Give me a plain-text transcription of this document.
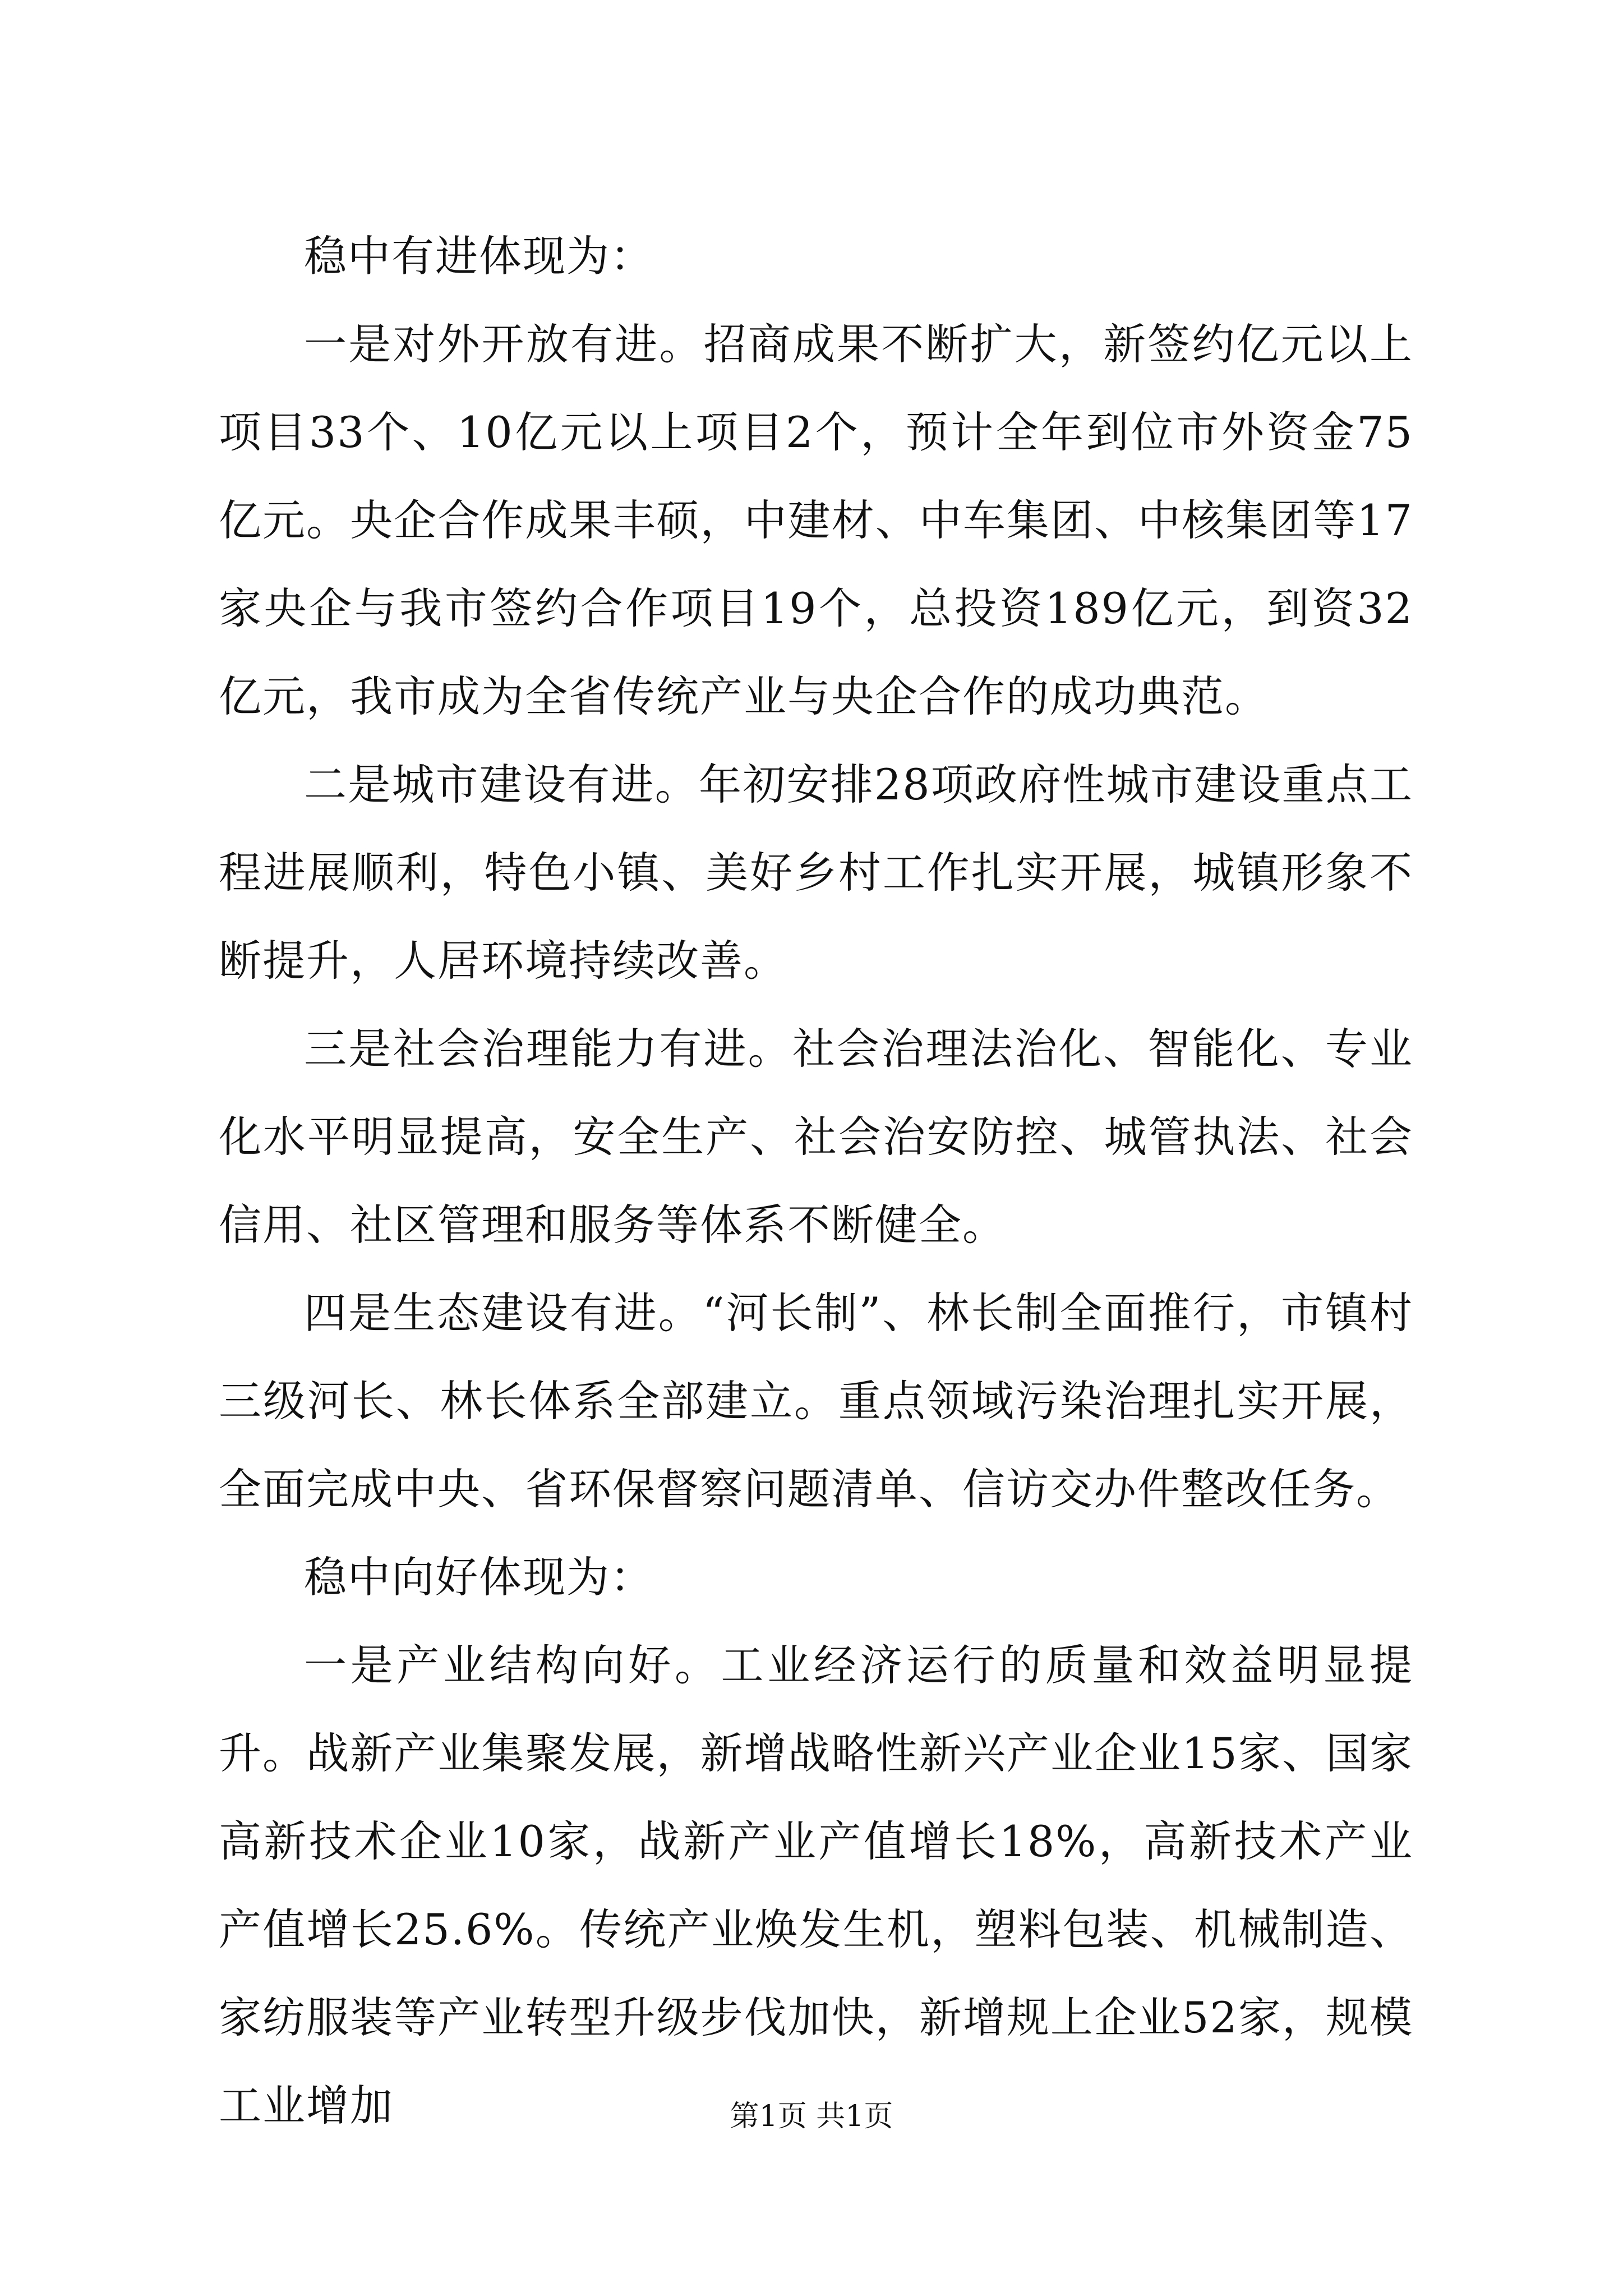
稳中有进体现为：

一是对外开放有进。招商成果不断扩大，新签约亿元以上项目33个、10亿元以上项目2个，预计全年到位市外资金75亿元。央企合作成果丰硕，中建材、中车集团、中核集团等17家央企与我市签约合作项目19个，总投资189亿元，到资32亿元，我市成为全省传统产业与央企合作的成功典范。

二是城市建设有进。年初安排28项政府性城市建设重点工程进展顺利，特色小镇、美好乡村工作扎实开展，城镇形象不断提升，人居环境持续改善。

三是社会治理能力有进。社会治理法治化、智能化、专业化水平明显提高，安全生产、社会治安防控、城管执法、社会信用、社区管理和服务等体系不断健全。

四是生态建设有进。“河长制”、林长制全面推行，市镇村三级河长、林长体系全部建立。重点领域污染治理扎实开展，全面完成中央、省环保督察问题清单、信访交办件整改任务。

稳中向好体现为：

一是产业结构向好。工业经济运行的质量和效益明显提升。战新产业集聚发展，新增战略性新兴产业企业15家、国家高新技术企业10家，战新产业产值增长18%，高新技术产业产值增长25.6%。传统产业焕发生机，塑料包装、机械制造、家纺服装等产业转型升级步伐加快，新增规上企业52家，规模工业增加	第1页 共1页
